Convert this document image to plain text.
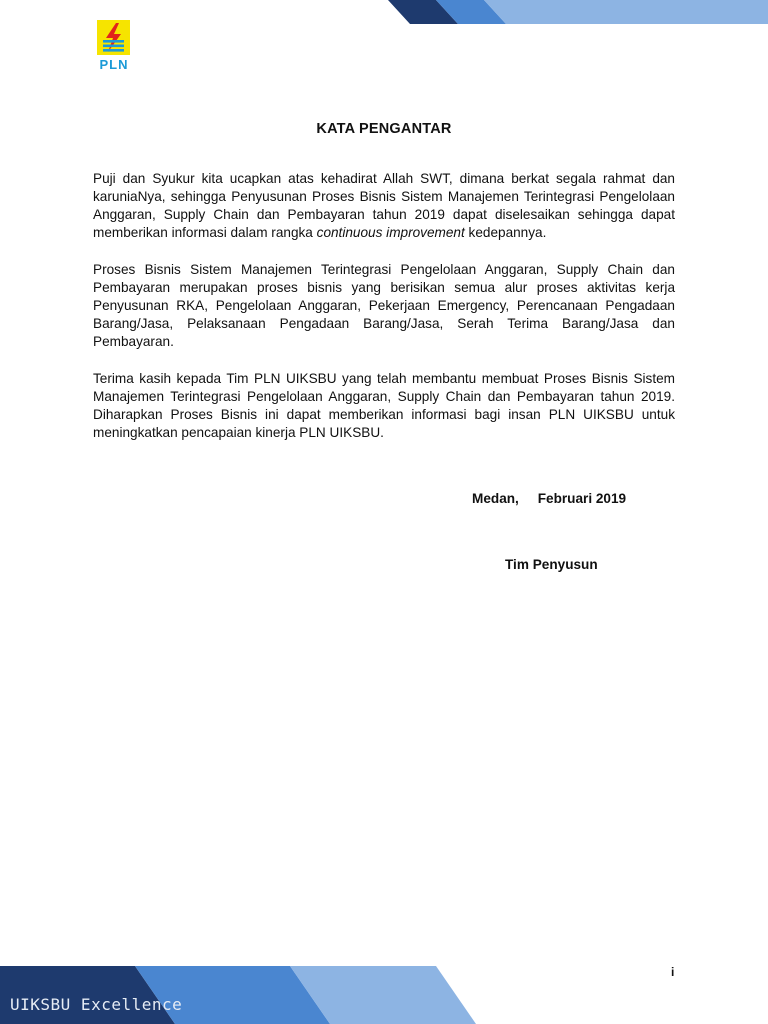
PLN
KATA PENGANTAR

Puji dan Syukur kita ucapkan atas kehadirat Allah SWT, dimana berkat segala rahmat dan karuniaNya, sehingga Penyusunan Proses Bisnis Sistem Manajemen Terintegrasi Pengelolaan Anggaran, Supply Chain dan Pembayaran tahun 2019 dapat diselesaikan sehingga dapat memberikan informasi dalam rangka continuous improvement kedepannya.

Proses Bisnis Sistem Manajemen Terintegrasi Pengelolaan Anggaran, Supply Chain dan Pembayaran merupakan proses bisnis yang berisikan semua alur proses aktivitas kerja Penyusunan RKA, Pengelolaan Anggaran, Pekerjaan Emergency, Perencanaan Pengadaan Barang/Jasa, Pelaksanaan Pengadaan Barang/Jasa, Serah Terima Barang/Jasa dan Pembayaran.

Terima kasih kepada Tim PLN UIKSBU yang telah membantu membuat Proses Bisnis Sistem Manajemen Terintegrasi Pengelolaan Anggaran, Supply Chain dan Pembayaran tahun 2019. Diharapkan Proses Bisnis ini dapat memberikan informasi bagi insan PLN UIKSBU untuk meningkatkan pencapaian kinerja PLN UIKSBU.

Medan,     Februari 2019
Tim Penyusun
i
UIKSBU Excellence
